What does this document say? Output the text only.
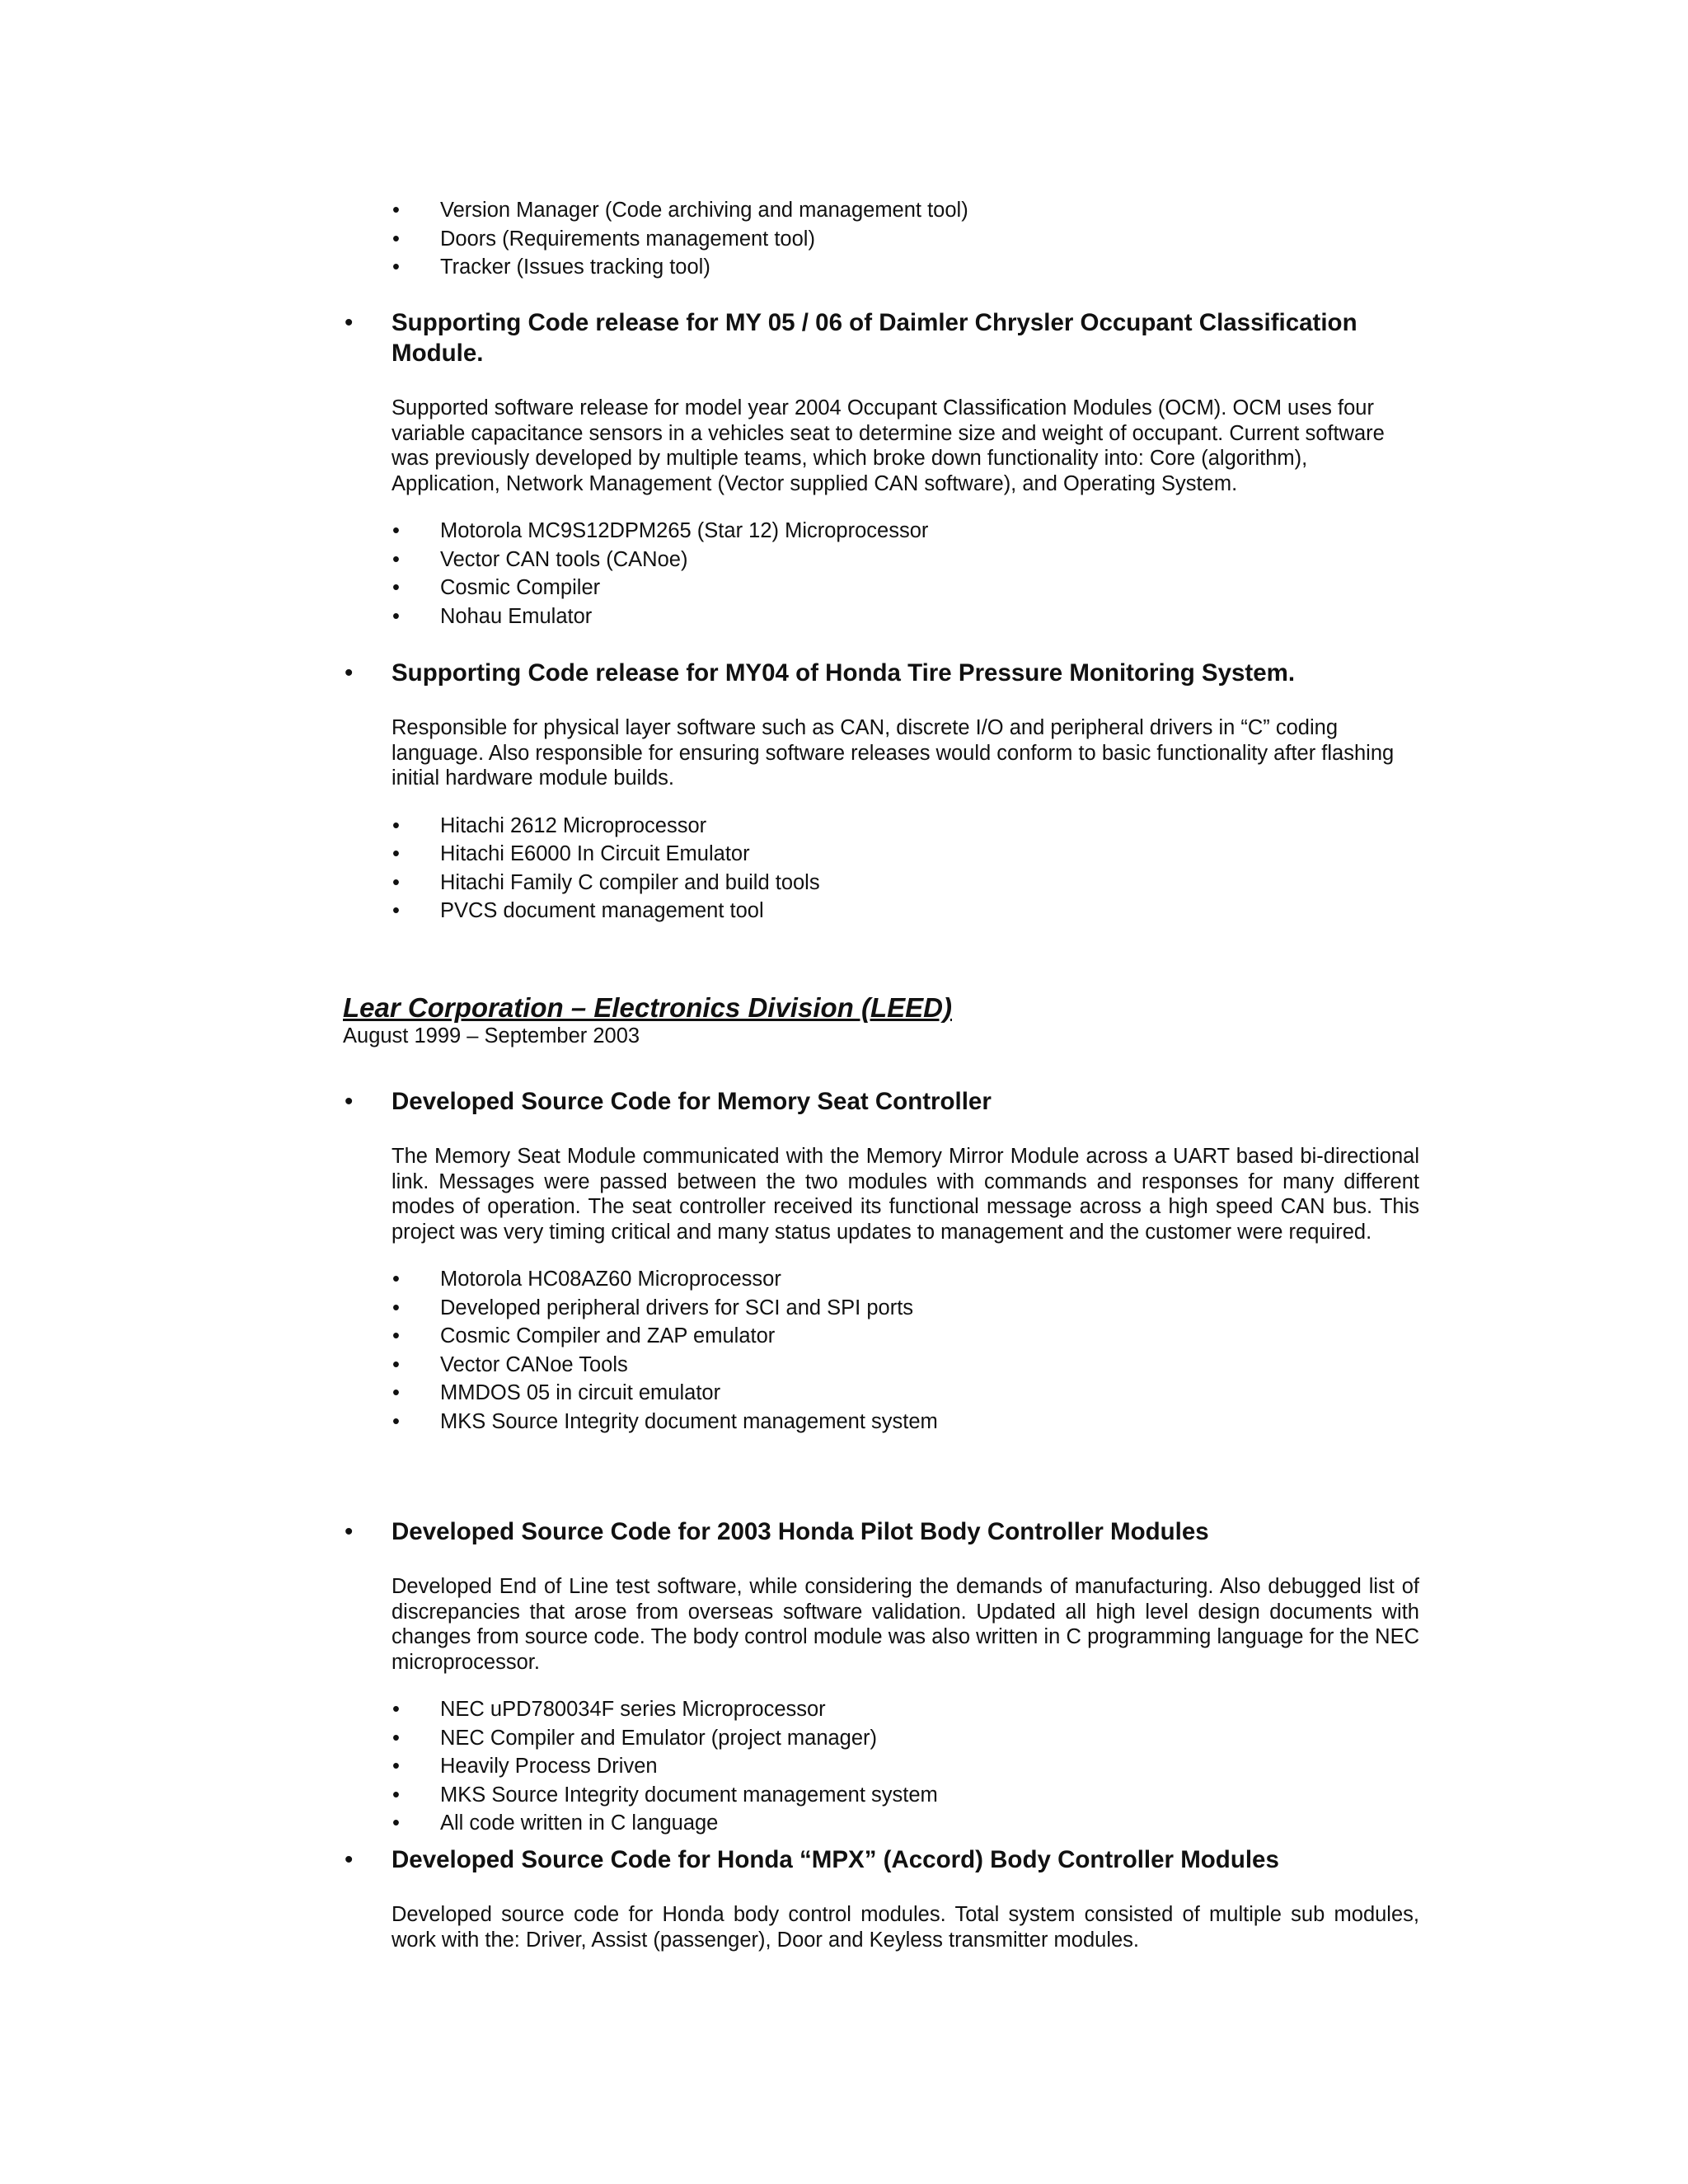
• Version Manager (Code archiving and management tool)
• Doors (Requirements management tool)
• Tracker (Issues tracking tool)
• Supporting Code release for MY 05 / 06 of Daimler Chrysler Occupant Classification Module.

Supported software release for model year 2004 Occupant Classification Modules (OCM). OCM uses four variable capacitance sensors in a vehicles seat to determine size and weight of occupant. Current software was previously developed by multiple teams, which broke down functionality into: Core (algorithm), Application, Network Management (Vector supplied CAN software), and Operating System.

• Motorola MC9S12DPM265 (Star 12) Microprocessor
• Vector CAN tools (CANoe)
• Cosmic Compiler
• Nohau Emulator
• Supporting Code release for MY04 of Honda Tire Pressure Monitoring System.

Responsible for physical layer software such as CAN, discrete I/O and peripheral drivers in “C” coding language. Also responsible for ensuring software releases would conform to basic functionality after flashing initial hardware module builds.

• Hitachi 2612 Microprocessor
• Hitachi E6000 In Circuit Emulator
• Hitachi Family C compiler and build tools
• PVCS document management tool
Lear Corporation – Electronics Division (LEED)
August 1999 – September 2003
• Developed Source Code for Memory Seat Controller

The Memory Seat Module communicated with the Memory Mirror Module across a UART based bi-directional link. Messages were passed between the two modules with commands and responses for many different modes of operation. The seat controller received its functional message across a high speed CAN bus. This project was very timing critical and many status updates to management and the customer were required.

• Motorola HC08AZ60 Microprocessor
• Developed peripheral drivers for SCI and SPI ports
• Cosmic Compiler and ZAP emulator
• Vector CANoe Tools
• MMDOS 05 in circuit emulator
• MKS Source Integrity document management system
• Developed Source Code for 2003 Honda Pilot Body Controller Modules

Developed End of Line test software, while considering the demands of manufacturing. Also debugged list of discrepancies that arose from overseas software validation. Updated all high level design documents with changes from source code. The body control module was also written in C programming language for the NEC microprocessor.

• NEC uPD780034F series Microprocessor
• NEC Compiler and Emulator (project manager)
• Heavily Process Driven
• MKS Source Integrity document management system
• All code written in C language
• Developed Source Code for Honda “MPX” (Accord) Body Controller Modules

Developed source code for Honda body control modules. Total system consisted of multiple sub modules, work with the: Driver, Assist (passenger), Door and Keyless transmitter modules.
